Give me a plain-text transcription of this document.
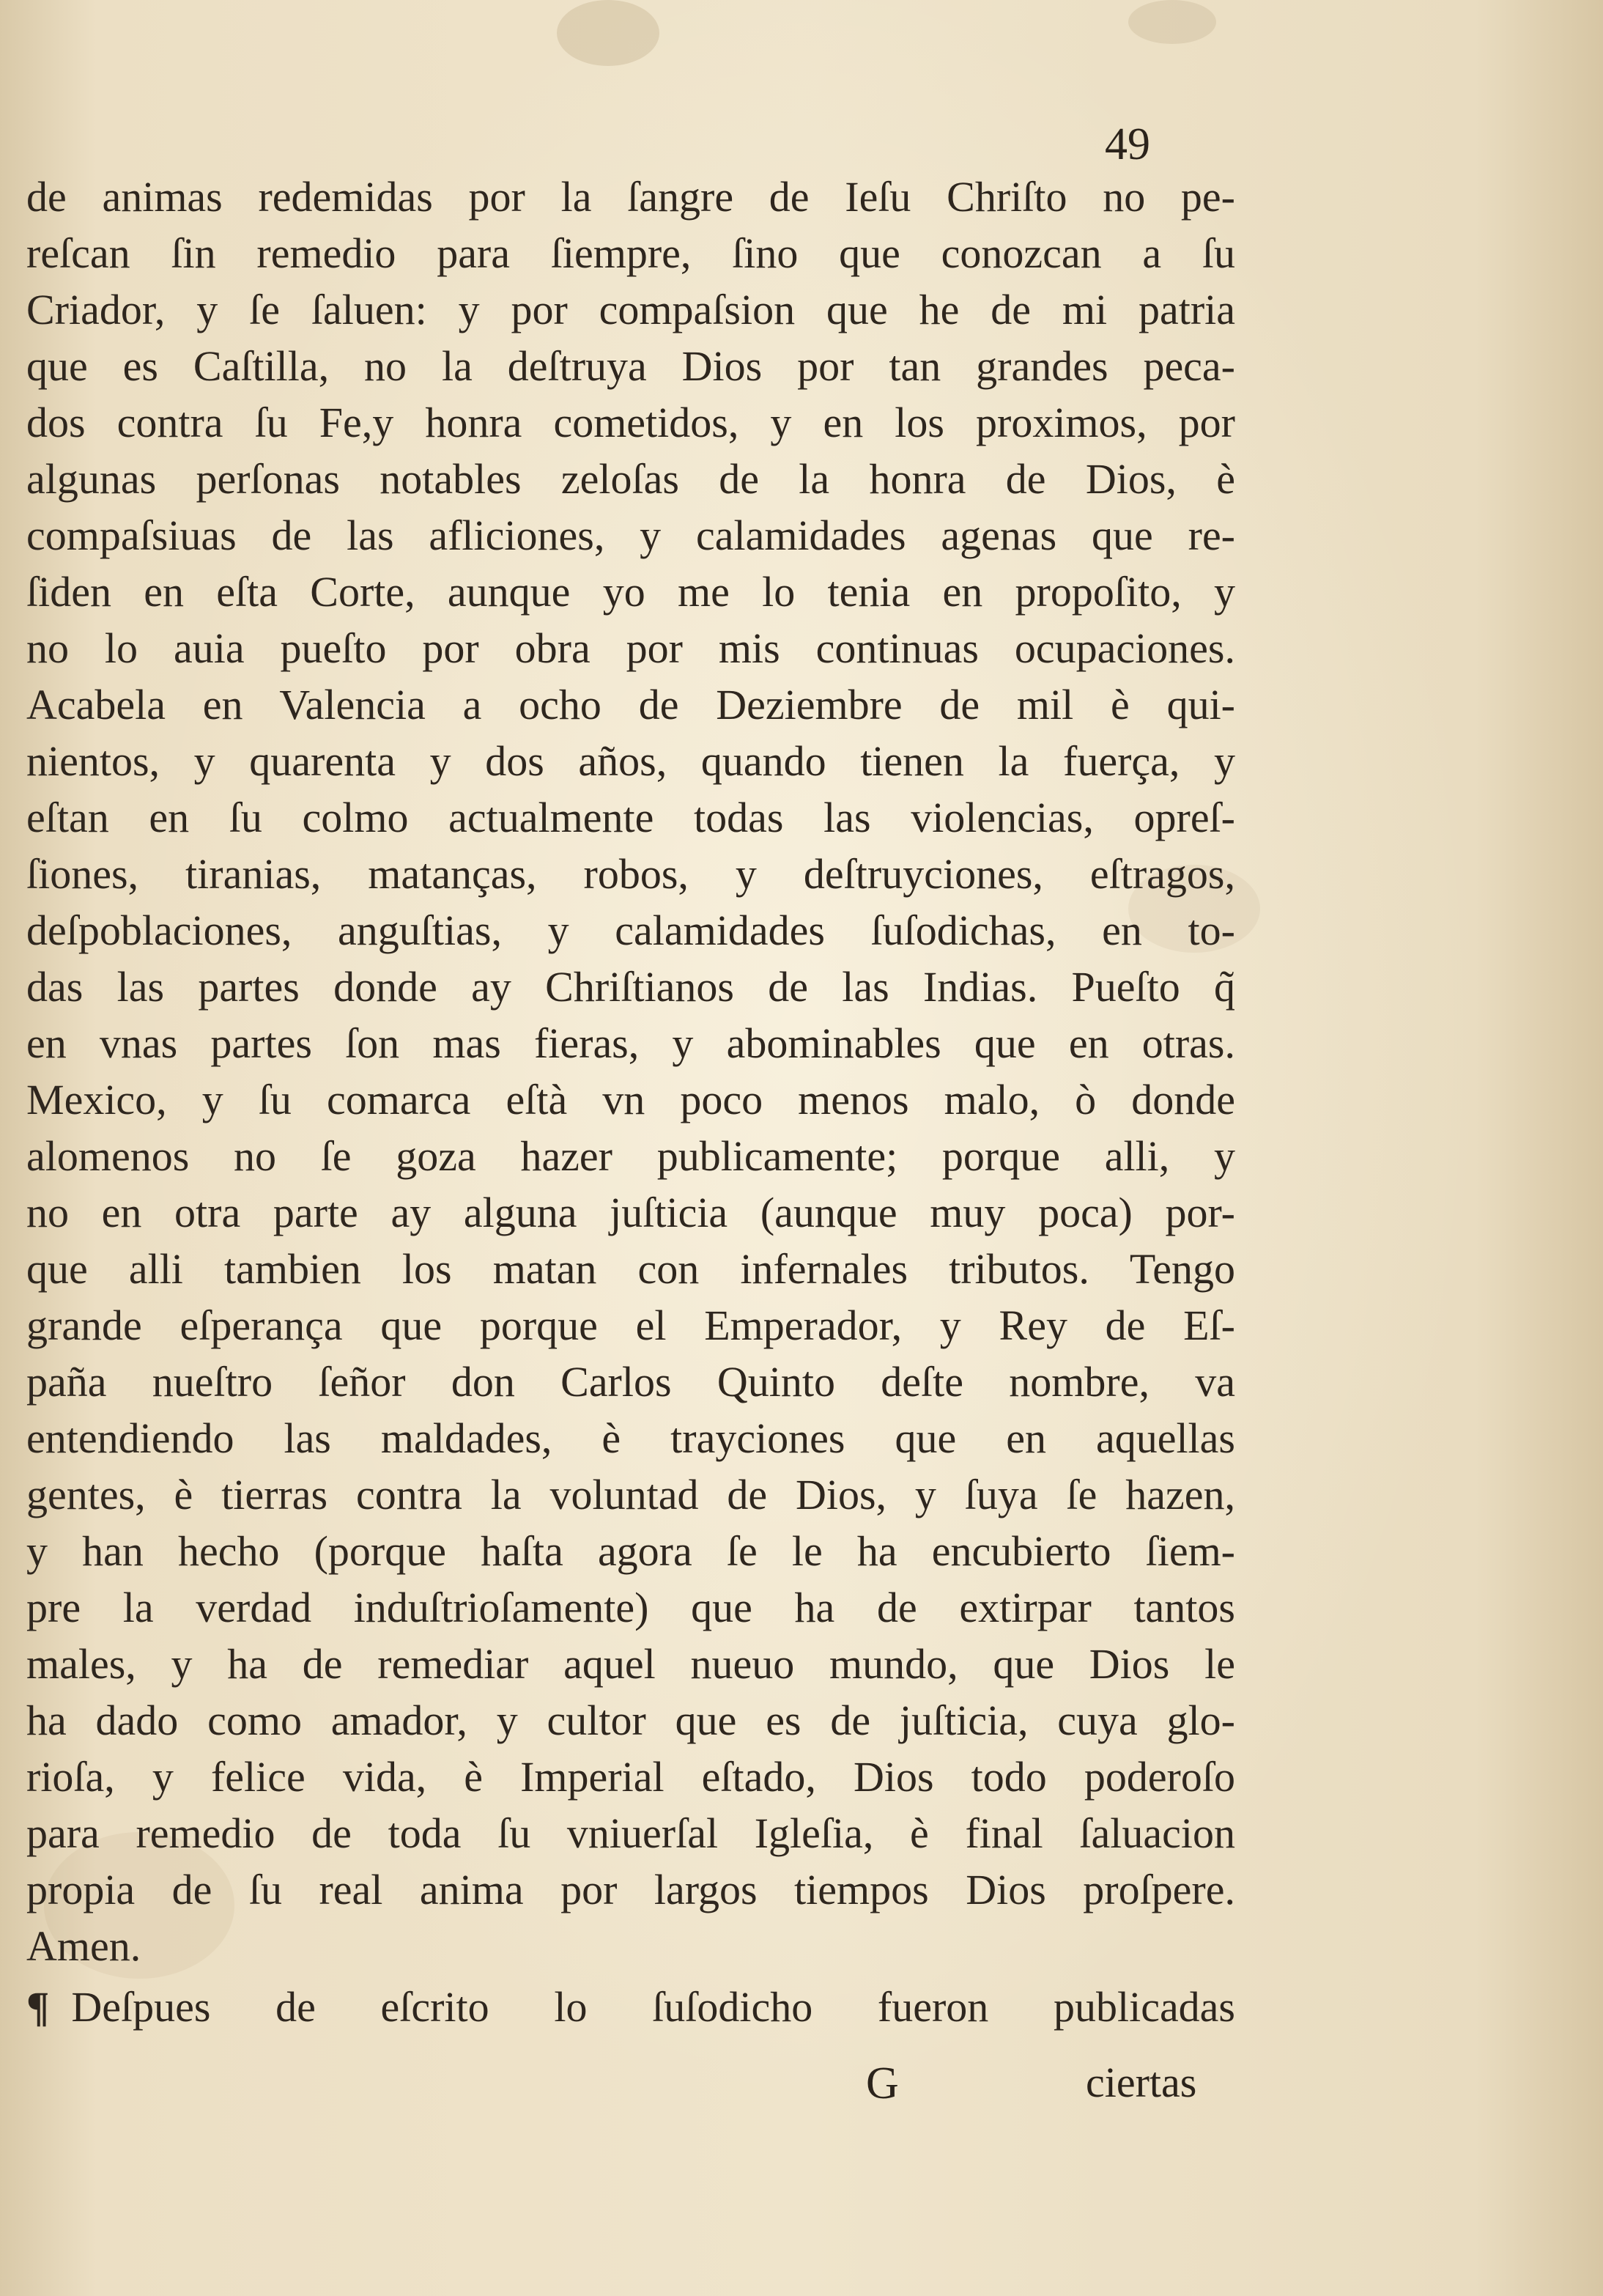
49
de animas redemidas por la ſangre de Ieſu Chriſto no pe-
reſcan ſin remedio para ſiempre, ſino que conozcan a ſu
Criador, y ſe ſaluen: y por compaſsion que he de mi patria
que es Caſtilla, no la deſtruya Dios por tan grandes peca-
dos contra ſu Fe,y honra cometidos, y en los proximos, por
algunas perſonas notables zeloſas de la honra de Dios, è
compaſsiuas de las afliciones, y calamidades agenas que re-
ſiden en eſta Corte, aunque yo me lo tenia en propoſito, y
no lo auia pueſto por obra por mis continuas ocupaciones.
Acabela en Valencia a ocho de Deziembre de mil è qui-
nientos, y quarenta y dos años, quando tienen la fuerça, y
eſtan en ſu colmo actualmente todas las violencias, opreſ-
ſiones, tiranias, matanças, robos, y deſtruyciones, eſtragos,
deſpoblaciones, anguſtias, y calamidades ſuſodichas, en to-
das las partes donde ay Chriſtianos de las Indias. Pueſto q̃
en vnas partes ſon mas fieras, y abominables que en otras.
Mexico, y ſu comarca eſtà vn poco menos malo, ò donde
alomenos no ſe goza hazer publicamente; porque alli, y
no en otra parte ay alguna juſticia (aunque muy poca) por-
que alli tambien los matan con infernales tributos. Tengo
grande eſperança que porque el Emperador, y Rey de Eſ-
paña nueſtro ſeñor don Carlos Quinto deſte nombre, va
entendiendo las maldades, è trayciones que en aquellas
gentes, è tierras contra la voluntad de Dios, y ſuya ſe hazen,
y han hecho (porque haſta agora ſe le ha encubierto ſiem-
pre la verdad induſtrioſamente) que ha de extirpar tantos
males, y ha de remediar aquel nueuo mundo, que Dios le
ha dado como amador, y cultor que es de juſticia, cuya glo-
rioſa, y felice vida, è Imperial eſtado, Dios todo poderoſo
para remedio de toda ſu vniuerſal Igleſia, è final ſaluacion
propia de ſu real anima por largos tiempos Dios proſpere.
Amen.
¶ Deſpues de eſcrito lo ſuſodicho fueron publicadas
G	ciertas
